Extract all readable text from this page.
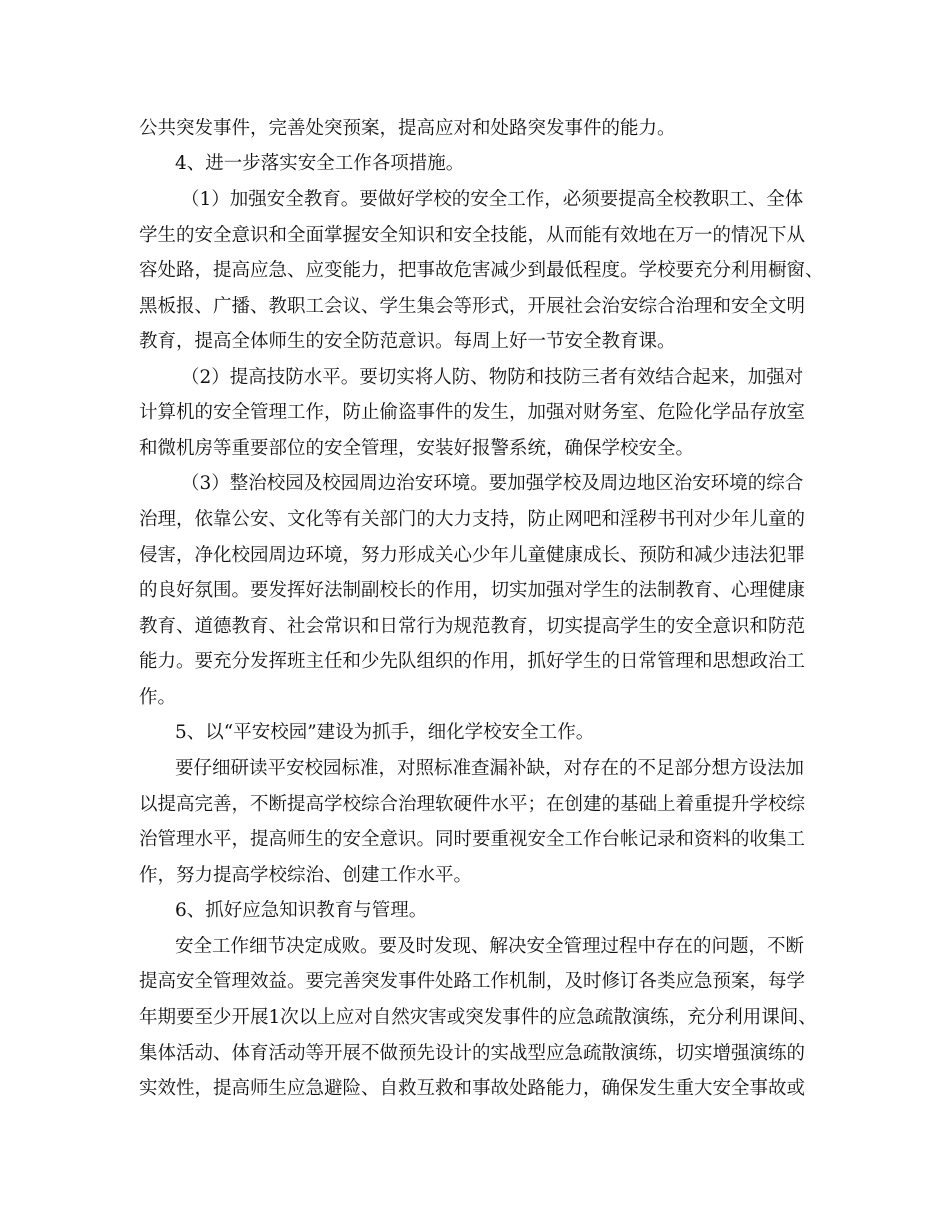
公共突发事件，完善处突预案，提高应对和处路突发事件的能力。

4、进一步落实安全工作各项措施。

（1）加强安全教育。要做好学校的安全工作，必须要提高全校教职工、全体

学生的安全意识和全面掌握安全知识和安全技能，从而能有效地在万一的情况下从

容处路，提高应急、应变能力，把事故危害减少到最低程度。学校要充分利用橱窗、

黑板报、广播、教职工会议、学生集会等形式，开展社会治安综合治理和安全文明

教育，提高全体师生的安全防范意识。每周上好一节安全教育课。

（2）提高技防水平。要切实将人防、物防和技防三者有效结合起来，加强对

计算机的安全管理工作，防止偷盗事件的发生，加强对财务室、危险化学品存放室

和微机房等重要部位的安全管理，安装好报警系统，确保学校安全。

（3）整治校园及校园周边治安环境。要加强学校及周边地区治安环境的综合

治理，依靠公安、文化等有关部门的大力支持，防止网吧和淫秽书刊对少年儿童的

侵害，净化校园周边环境，努力形成关心少年儿童健康成长、预防和减少违法犯罪

的良好氛围。要发挥好法制副校长的作用，切实加强对学生的法制教育、心理健康

教育、道德教育、社会常识和日常行为规范教育，切实提高学生的安全意识和防范

能力。要充分发挥班主任和少先队组织的作用，抓好学生的日常管理和思想政治工

作。

5、以“平安校园”建设为抓手，细化学校安全工作。

要仔细研读平安校园标准，对照标准查漏补缺，对存在的不足部分想方设法加

以提高完善，不断提高学校综合治理软硬件水平；在创建的基础上着重提升学校综

治管理水平，提高师生的安全意识。同时要重视安全工作台帐记录和资料的收集工

作，努力提高学校综治、创建工作水平。

6、抓好应急知识教育与管理。

安全工作细节决定成败。要及时发现、解决安全管理过程中存在的问题，不断

提高安全管理效益。要完善突发事件处路工作机制，及时修订各类应急预案，每学

年期要至少开展1次以上应对自然灾害或突发事件的应急疏散演练，充分利用课间、

集体活动、体育活动等开展不做预先设计的实战型应急疏散演练，切实增强演练的

实效性，提高师生应急避险、自救互救和事故处路能力，确保发生重大安全事故或
